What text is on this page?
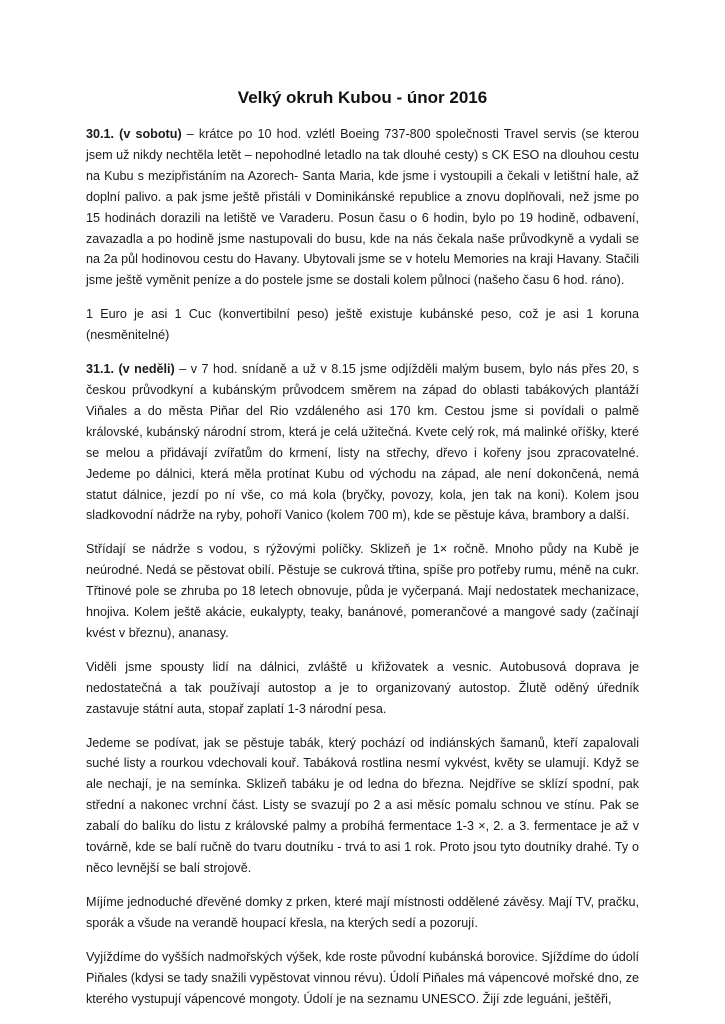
Velký okruh Kubou - únor 2016

30.1. (v sobotu) – krátce po 10 hod. vzlétl Boeing 737-800 společnosti Travel servis (se kterou jsem už nikdy nechtěla letět – nepohodlné letadlo na tak dlouhé cesty) s CK ESO na dlouhou cestu na Kubu s mezipřistáním na Azorech- Santa Maria, kde jsme i vystoupili a čekali v letištní hale, až doplní palivo. a pak jsme ještě přistáli v Dominikánské republice a znovu doplňovali, než jsme po 15 hodinách dorazili na letiště ve Varaderu. Posun času o 6 hodin, bylo po 19 hodině, odbavení, zavazadla a po hodině jsme nastupovali do busu, kde na nás čekala naše průvodkyně a vydali se na 2a půl hodinovou cestu do Havany. Ubytovali jsme se v hotelu Memories na kraji Havany. Stačili jsme ještě vyměnit peníze a do postele jsme se dostali kolem půlnoci (našeho času 6 hod. ráno).

1 Euro je asi 1 Cuc (konvertibilní peso) ještě existuje kubánské peso, což je asi 1 koruna (nesměnitelné)

31.1. (v neděli) – v 7 hod. snídaně a už v 8.15 jsme odjížděli malým busem, bylo nás přes 20, s českou průvodkyní a kubánským průvodcem směrem na západ do oblasti tabákových plantáží Viňales a do města Piňar del Rio vzdáleného asi 170 km. Cestou jsme si povídali o palmě královské, kubánský národní strom, která je celá užitečná. Kvete celý rok, má malinké oříšky, které se melou a přidávají zvířatům do krmení, listy na střechy, dřevo i kořeny jsou zpracovatelné. Jedeme po dálnici, která měla protínat Kubu od východu na západ, ale není dokončená, nemá statut dálnice, jezdí po ní vše, co má kola (bryčky, povozy, kola, jen tak na koni). Kolem jsou sladkovodní nádrže na ryby, pohoří Vanico (kolem 700 m), kde se pěstuje káva, brambory a další.

Střídají se nádrže s vodou, s rýžovými políčky. Sklizeň je 1× ročně. Mnoho půdy na Kubě je neúrodné. Nedá se pěstovat obilí. Pěstuje se cukrová třtina, spíše pro potřeby rumu, méně na cukr. Třtinové pole se zhruba po 18 letech obnovuje, půda je vyčerpaná. Mají nedostatek mechanizace, hnojiva. Kolem ještě akácie, eukalypty, teaky, banánové, pomerančové a mangové sady (začínají kvést v březnu), ananasy.

Viděli jsme spousty lidí na dálnici, zvláště u křižovatek a vesnic. Autobusová doprava je nedostatečná a tak používají autostop a je to organizovaný autostop. Žlutě oděný úředník zastavuje státní auta, stopař zaplatí 1-3 národní pesa.

Jedeme se podívat, jak se pěstuje tabák, který pochází od indiánských šamanů, kteří zapalovali suché listy a rourkou vdechovali kouř. Tabáková rostlina nesmí vykvést, květy se ulamují. Když se ale nechají, je na semínka. Sklizeň tabáku je od ledna do března. Nejdříve se sklízí spodní, pak střední a nakonec vrchní část. Listy se svazují po 2 a asi měsíc pomalu schnou ve stínu. Pak se zabalí do balíku do listu z královské palmy a probíhá fermentace 1-3 ×, 2. a 3. fermentace je až v továrně, kde se balí ručně do tvaru doutníku - trvá to asi 1 rok. Proto jsou tyto doutníky drahé. Ty o něco levnější se balí strojově.

Míjíme jednoduché dřevěné domky z prken, které mají místnosti oddělené závěsy. Mají TV, pračku, sporák a všude na verandě houpací křesla, na kterých sedí a pozorují.

Vyjíždíme do vyšších nadmořských výšek, kde roste původní kubánská borovice. Sjíždíme do údolí Piňales (kdysi se tady snažili vypěstovat vinnou révu). Údolí Piňales má vápencové mořské dno, ze kterého vystupují vápencové mongoty. Údolí je na seznamu UNESCO. Žijí zde leguáni, ještěři,
